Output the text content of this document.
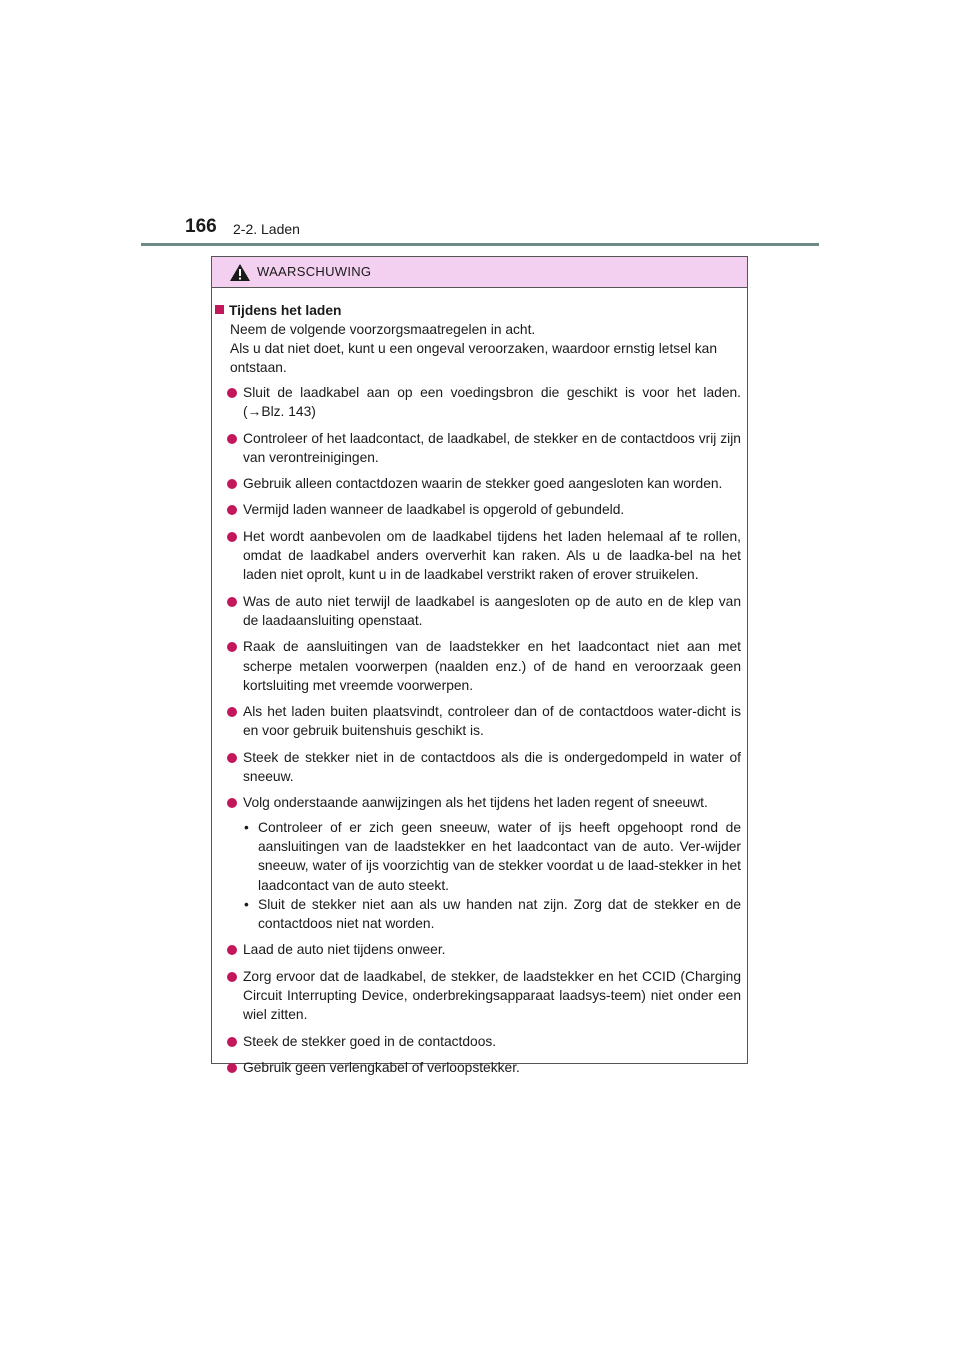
166 2-2. Laden
WAARSCHUWING
Tijdens het laden
Neem de volgende voorzorgsmaatregelen in acht.
Als u dat niet doet, kunt u een ongeval veroorzaken, waardoor ernstig letsel kan ontstaan.
Sluit de laadkabel aan op een voedingsbron die geschikt is voor het laden. (→Blz. 143)
Controleer of het laadcontact, de laadkabel, de stekker en de contactdoos vrij zijn van verontreinigingen.
Gebruik alleen contactdozen waarin de stekker goed aangesloten kan worden.
Vermijd laden wanneer de laadkabel is opgerold of gebundeld.
Het wordt aanbevolen om de laadkabel tijdens het laden helemaal af te rollen, omdat de laadkabel anders oververhit kan raken. Als u de laadka-bel na het laden niet oprolt, kunt u in de laadkabel verstrikt raken of erover struikelen.
Was de auto niet terwijl de laadkabel is aangesloten op de auto en de klep van de laadaansluiting openstaat.
Raak de aansluitingen van de laadstekker en het laadcontact niet aan met scherpe metalen voorwerpen (naalden enz.) of de hand en veroorzaak geen kortsluiting met vreemde voorwerpen.
Als het laden buiten plaatsvindt, controleer dan of de contactdoos water-dicht is en voor gebruik buitenshuis geschikt is.
Steek de stekker niet in de contactdoos als die is ondergedompeld in water of sneeuw.
Volg onderstaande aanwijzingen als het tijdens het laden regent of sneeuwt.
• Controleer of er zich geen sneeuw, water of ijs heeft opgehoopt rond de aansluitingen van de laadstekker en het laadcontact van de auto. Ver-wijder sneeuw, water of ijs voorzichtig van de stekker voordat u de laad-stekker in het laadcontact van de auto steekt.
• Sluit de stekker niet aan als uw handen nat zijn. Zorg dat de stekker en de contactdoos niet nat worden.
Laad de auto niet tijdens onweer.
Zorg ervoor dat de laadkabel, de stekker, de laadstekker en het CCID (Charging Circuit Interrupting Device, onderbrekingsapparaat laadsys-teem) niet onder een wiel zitten.
Steek de stekker goed in de contactdoos.
Gebruik geen verlengkabel of verloopstekker.
